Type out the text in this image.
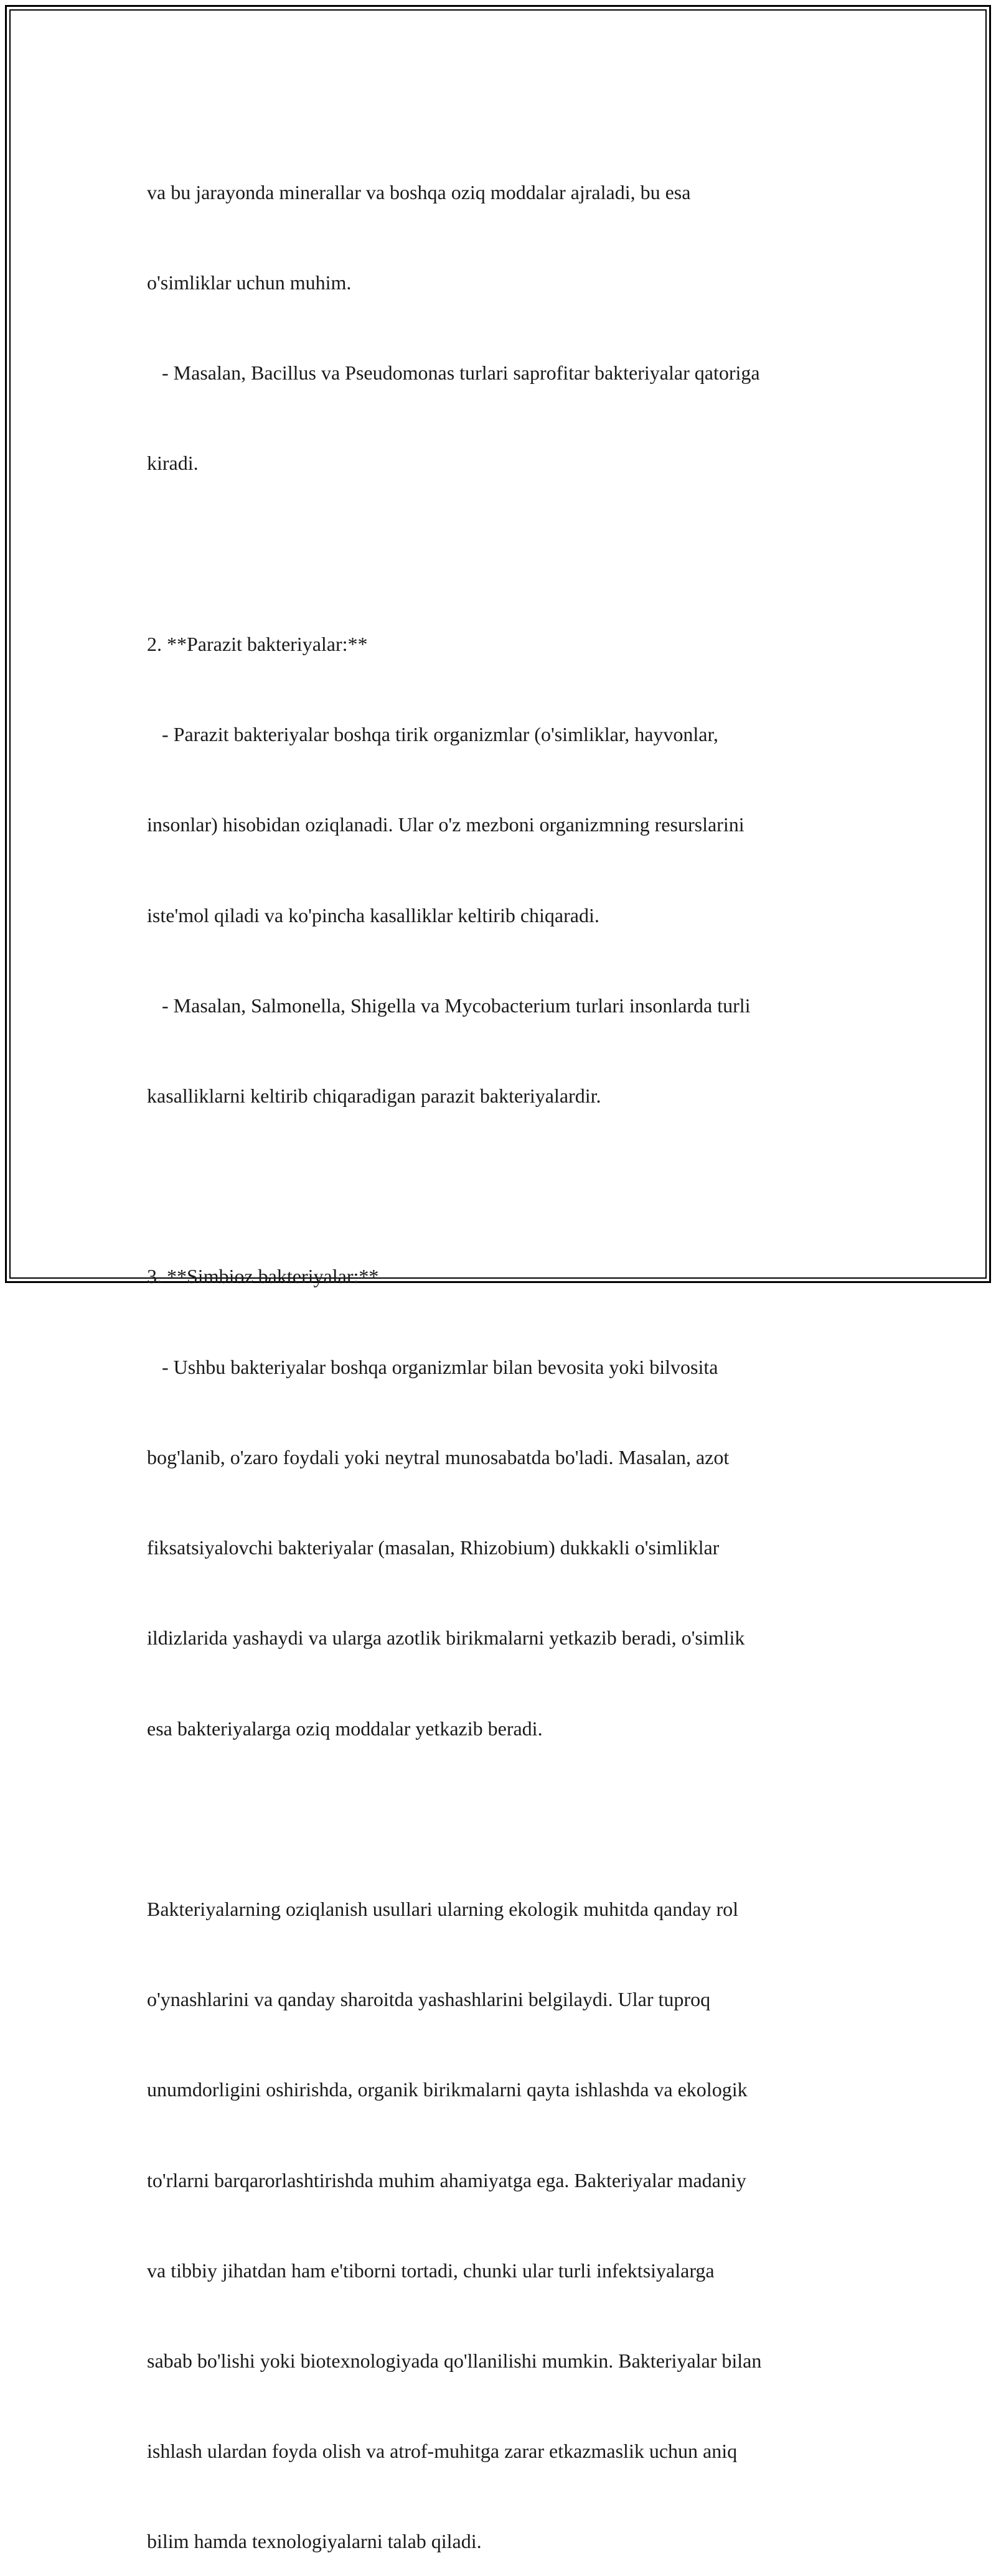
va bu jarayonda minerallar va boshqa oziq moddalar ajraladi, bu esa

o'simliklar uchun muhim.

- Masalan, Bacillus va Pseudomonas turlari saprofitar bakteriyalar qatoriga

kiradi.

2. **Parazit bakteriyalar:**

- Parazit bakteriyalar boshqa tirik organizmlar (o'simliklar, hayvonlar,

insonlar) hisobidan oziqlanadi. Ular o'z mezboni organizmning resurslarini

iste'mol qiladi va ko'pincha kasalliklar keltirib chiqaradi.

- Masalan, Salmonella, Shigella va Mycobacterium turlari insonlarda turli

kasalliklarni keltirib chiqaradigan parazit bakteriyalardir.

3. **Simbioz bakteriyalar:**

- Ushbu bakteriyalar boshqa organizmlar bilan bevosita yoki bilvosita

bog'lanib, o'zaro foydali yoki neytral munosabatda bo'ladi. Masalan, azot

fiksatsiyalovchi bakteriyalar (masalan, Rhizobium) dukkakli o'simliklar

ildizlarida yashaydi va ularga azotlik birikmalarni yetkazib beradi, o'simlik

esa bakteriyalarga oziq moddalar yetkazib beradi.

Bakteriyalarning oziqlanish usullari ularning ekologik muhitda qanday rol

o'ynashlarini va qanday sharoitda yashashlarini belgilaydi. Ular tuproq

unumdorligini oshirishda, organik birikmalarni qayta ishlashda va ekologik

to'rlarni barqarorlashtirishda muhim ahamiyatga ega. Bakteriyalar madaniy

va tibbiy jihatdan ham e'tiborni tortadi, chunki ular turli infektsiyalarga

sabab bo'lishi yoki biotexnologiyada qo'llanilishi mumkin. Bakteriyalar bilan

ishlash ulardan foyda olish va atrof-muhitga zarar etkazmaslik uchun aniq

bilim hamda texnologiyalarni talab qiladi.
